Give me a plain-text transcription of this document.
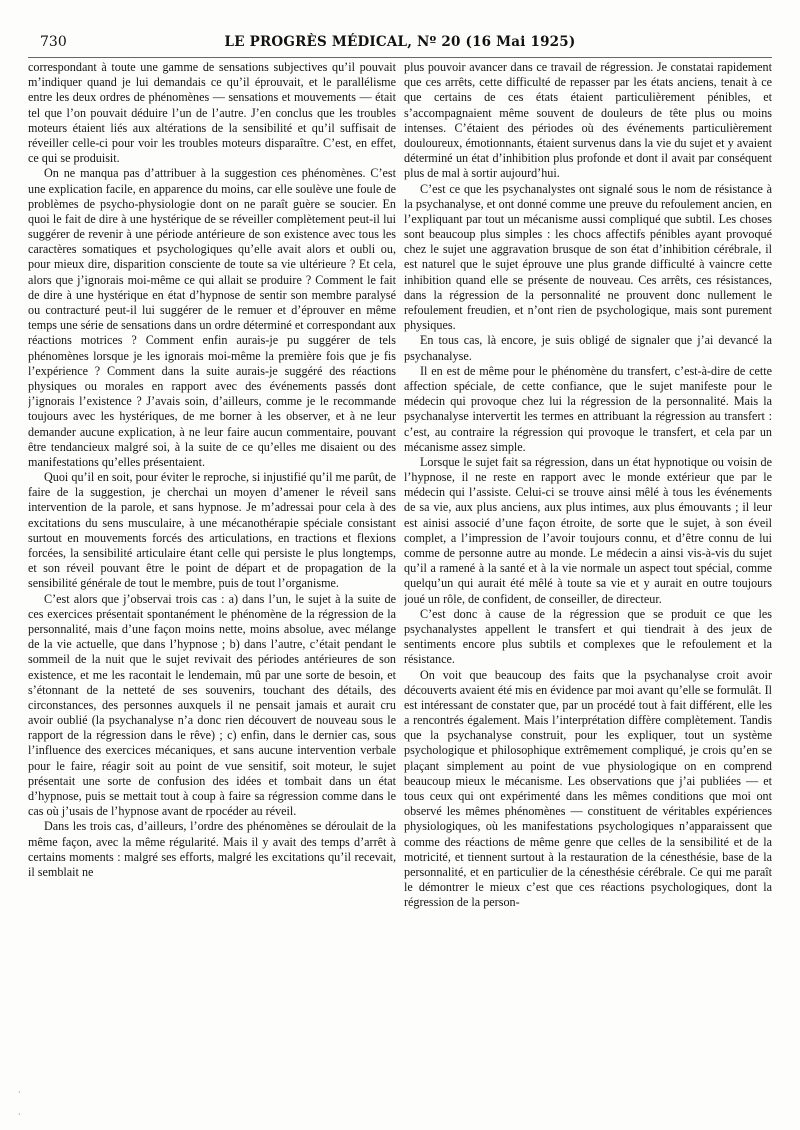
730	LE PROGRÈS MÉDICAL, Nº 20 (16 Mai 1925)

correspondant à toute une gamme de sensations subjectives qu’il pouvait m’indiquer quand je lui demandais ce qu’il éprouvait, et le parallélisme entre les deux ordres de phénomènes — sensations et mouvements — était tel que l’on pouvait déduire l’un de l’autre. J’en conclus que les troubles moteurs étaient liés aux altérations de la sensibilité et qu’il suffisait de réveiller celle-ci pour voir les troubles moteurs disparaître. C’est, en effet, ce qui se produisit.

On ne manqua pas d’attribuer à la suggestion ces phénomènes. C’est une explication facile, en apparence du moins, car elle soulève une foule de problèmes de psycho-physiologie dont on ne paraît guère se soucier. En quoi le fait de dire à une hystérique de se réveiller complètement peut-il lui suggérer de revenir à une période antérieure de son existence avec tous les caractères somatiques et psychologiques qu’elle avait alors et oubli ou, pour mieux dire, disparition consciente de toute sa vie ultérieure ? Et cela, alors que j’ignorais moi-même ce qui allait se produire ? Comment le fait de dire à une hystérique en état d’hypnose de sentir son membre paralysé ou contracturé peut-il lui suggérer de le remuer et d’éprouver en même temps une série de sensations dans un ordre déterminé et correspondant aux réactions motrices ? Comment enfin aurais-je pu suggérer de tels phénomènes lorsque je les ignorais moi-même la première fois que je fis l’expérience ? Comment dans la suite aurais-je suggéré des réactions physiques ou morales en rapport avec des événements passés dont j’ignorais l’existence ? J’avais soin, d’ailleurs, comme je le recommande toujours avec les hystériques, de me borner à les observer, et à ne leur demander aucune explication, à ne leur faire aucun commentaire, pouvant être tendancieux malgré soi, à la suite de ce qu’elles me disaient ou des manifestations qu’elles présentaient.

Quoi qu’il en soit, pour éviter le reproche, si injustifié qu’il me parût, de faire de la suggestion, je cherchai un moyen d’amener le réveil sans intervention de la parole, et sans hypnose. Je m’adressai pour cela à des excitations du sens musculaire, à une mécanothérapie spéciale consistant surtout en mouvements forcés des articulations, en tractions et flexions forcées, la sensibilité articulaire étant celle qui persiste le plus longtemps, et son réveil pouvant être le point de départ et de propagation de la sensibilité générale de tout le membre, puis de tout l’organisme.

C’est alors que j’observai trois cas : a) dans l’un, le sujet à la suite de ces exercices présentait spontanément le phénomène de la régression de la personnalité, mais d’une façon moins nette, moins absolue, avec mélange de la vie actuelle, que dans l’hypnose ; b) dans l’autre, c’était pendant le sommeil de la nuit que le sujet revivait des périodes antérieures de son existence, et me les racontait le lendemain, mû par une sorte de besoin, et s’étonnant de la netteté de ses souvenirs, touchant des détails, des circonstances, des personnes auxquels il ne pensait jamais et aurait cru avoir oublié (la psychanalyse n’a donc rien découvert de nouveau sous le rapport de la régression dans le rêve) ; c) enfin, dans le dernier cas, sous l’influence des exercices mécaniques, et sans aucune intervention verbale pour le faire, réagir soit au point de vue sensitif, soit moteur, le sujet présentait une sorte de confusion des idées et tombait dans un état d’hypnose, puis se mettait tout à coup à faire sa régression comme dans le cas où j’usais de l’hypnose avant de rpocéder au réveil.

Dans les trois cas, d’ailleurs, l’ordre des phénomènes se déroulait de la même façon, avec la même régularité. Mais il y avait des temps d’arrêt à certains moments : malgré ses efforts, malgré les excitations qu’il recevait, il semblait ne

plus pouvoir avancer dans ce travail de régression. Je constatai rapidement que ces arrêts, cette difficulté de repasser par les états anciens, tenait à ce que certains de ces états étaient particulièrement pénibles, et s’accompagnaient même souvent de douleurs de tête plus ou moins intenses. C’étaient des périodes où des événements particulièrement douloureux, émotionnants, étaient survenus dans la vie du sujet et y avaient déterminé un état d’inhibition plus profonde et dont il avait par conséquent plus de mal à sortir aujourd’hui.

C’est ce que les psychanalystes ont signalé sous le nom de résistance à la psychanalyse, et ont donné comme une preuve du refoulement ancien, en l’expliquant par tout un mécanisme aussi compliqué que subtil. Les choses sont beaucoup plus simples : les chocs affectifs pénibles ayant provoqué chez le sujet une aggravation brusque de son état d’inhibition cérébrale, il est naturel que le sujet éprouve une plus grande difficulté à vaincre cette inhibition quand elle se présente de nouveau. Ces arrêts, ces résistances, dans la régression de la personnalité ne prouvent donc nullement le refoulement freudien, et n’ont rien de psychologique, mais sont purement physiques.

En tous cas, là encore, je suis obligé de signaler que j’ai devancé la psychanalyse.

Il en est de même pour le phénomène du transfert, c’est-à-dire de cette affection spéciale, de cette confiance, que le sujet manifeste pour le médecin qui provoque chez lui la régression de la personnalité. Mais la psychanalyse intervertit les termes en attribuant la régression au transfert : c’est, au contraire la régression qui provoque le transfert, et cela par un mécanisme assez simple.

Lorsque le sujet fait sa régression, dans un état hypnotique ou voisin de l’hypnose, il ne reste en rapport avec le monde extérieur que par le médecin qui l’assiste. Celui-ci se trouve ainsi mêlé à tous les événements de sa vie, aux plus anciens, aux plus intimes, aux plus émouvants ; il leur est ainisi associé d’une façon étroite, de sorte que le sujet, à son éveil complet, a l’impression de l’avoir toujours connu, et d’être connu de lui comme de personne autre au monde. Le médecin a ainsi vis-à-vis du sujet qu’il a ramené à la santé et à la vie normale un aspect tout spécial, comme quelqu’un qui aurait été mêlé à toute sa vie et y aurait en outre toujours joué un rôle, de confident, de conseiller, de directeur.

C’est donc à cause de la régression que se produit ce que les psychanalystes appellent le transfert et qui tiendrait à des jeux de sentiments encore plus subtils et complexes que le refoulement et la résistance.

On voit que beaucoup des faits que la psychanalyse croit avoir découverts avaient été mis en évidence par moi avant qu’elle se formulât. Il est intéressant de constater que, par un procédé tout à fait différent, elle les a rencontrés également. Mais l’interprétation diffère complètement. Tandis que la psychanalyse construit, pour les expliquer, tout un système psychologique et philosophique extrêmement compliqué, je crois qu’en se plaçant simplement au point de vue physiologique on en comprend beaucoup mieux le mécanisme. Les observations que j’ai publiées — et tous ceux qui ont expérimenté dans les mêmes conditions que moi ont observé les mêmes phénomènes — constituent de véritables expériences physiologiques, où les manifestations psychologiques n’apparaissent que comme des réactions de même genre que celles de la sensibilité et de la motricité, et tiennent surtout à la restauration de la cénesthésie, base de la personnalité, et en particulier de la cénesthésie cérébrale. Ce qui me paraît le démontrer le mieux c’est que ces réactions psychologiques, dont la régression de la person-

·
·
